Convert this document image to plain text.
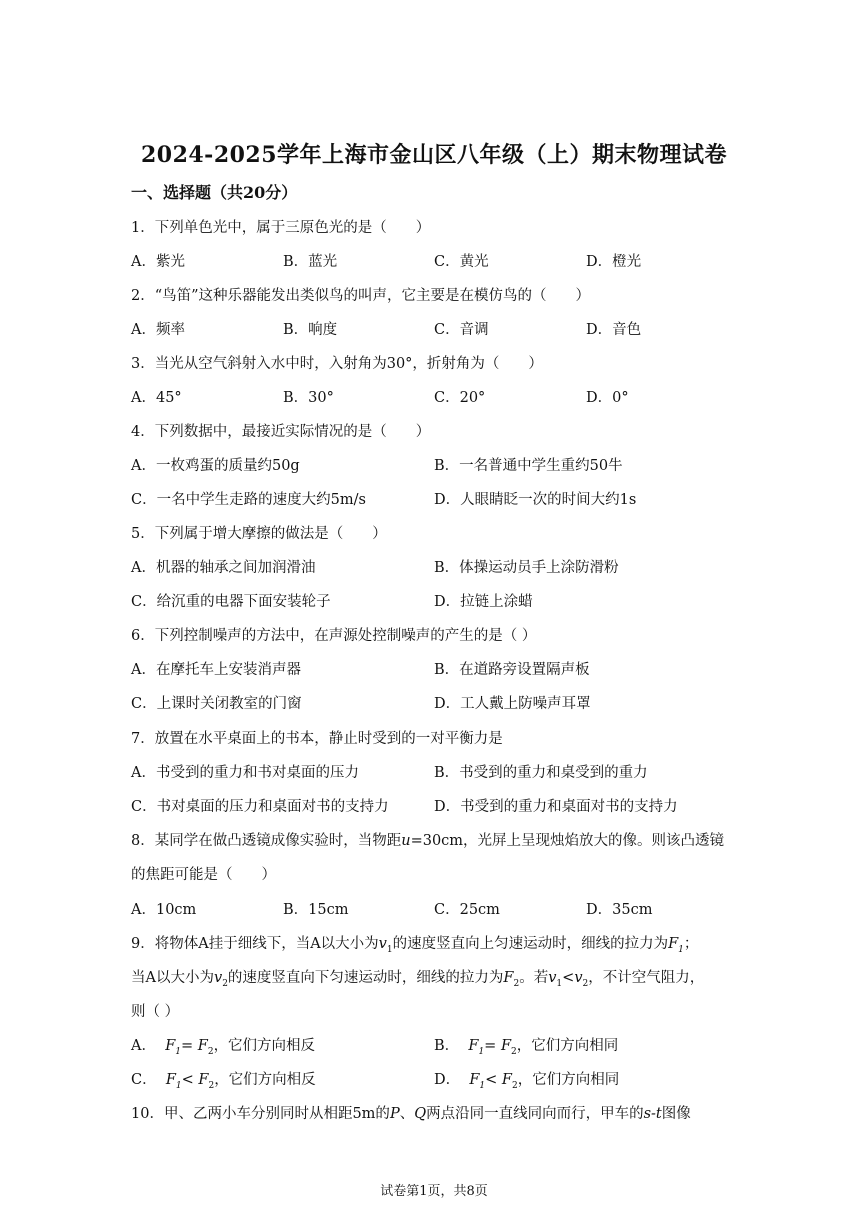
2024-2025学年上海市金山区八年级（上）期末物理试卷
一、选择题（共20分）
1．下列单色光中，属于三原色光的是（　　）
A．紫光	B．蓝光	C．黄光	D．橙光
2．“鸟笛”这种乐器能发出类似鸟的叫声，它主要是在模仿鸟的（　　）
A．频率	B．响度	C．音调	D．音色
3．当光从空气斜射入水中时，入射角为30°，折射角为（　　）
A．45°	B．30°	C．20°	D．0°
4．下列数据中，最接近实际情况的是（　　）
A．一枚鸡蛋的质量约50g	B．一名普通中学生重约50牛
C．一名中学生走路的速度大约5m/s	D．人眼睛眨一次的时间大约1s
5．下列属于增大摩擦的做法是（　　）
A．机器的轴承之间加润滑油	B．体操运动员手上涂防滑粉
C．给沉重的电器下面安装轮子	D．拉链上涂蜡
6．下列控制噪声的方法中，在声源处控制噪声的产生的是（ ）
A．在摩托车上安装消声器	B．在道路旁设置隔声板
C．上课时关闭教室的门窗	D．工人戴上防噪声耳罩
7．放置在水平桌面上的书本，静止时受到的一对平衡力是
A．书受到的重力和书对桌面的压力	B．书受到的重力和桌受到的重力
C．书对桌面的压力和桌面对书的支持力	D．书受到的重力和桌面对书的支持力
8．某同学在做凸透镜成像实验时，当物距u=30cm，光屏上呈现烛焰放大的像。则该凸透镜
的焦距可能是（　　）
A．10cm	B．15cm	C．25cm	D．35cm
9．将物体A挂于细线下，当A以大小为$v_1$的速度竖直向上匀速运动时，细线的拉力为$F_1$；
当A以大小为$v_2$的速度竖直向下匀速运动时，细线的拉力为$F_2$。若$v_1<v_2$，不计空气阻力，
则（ ）
A． $F_1= F_2$，它们方向相反	B． $F_1= F_2$，它们方向相同
C． $F_1< F_2$，它们方向相反	D． $F_1< F_2$，它们方向相同
10．甲、乙两小车分别同时从相距5m的P、Q两点沿同一直线同向而行，甲车的s-t图像
试卷第1页，共8页
